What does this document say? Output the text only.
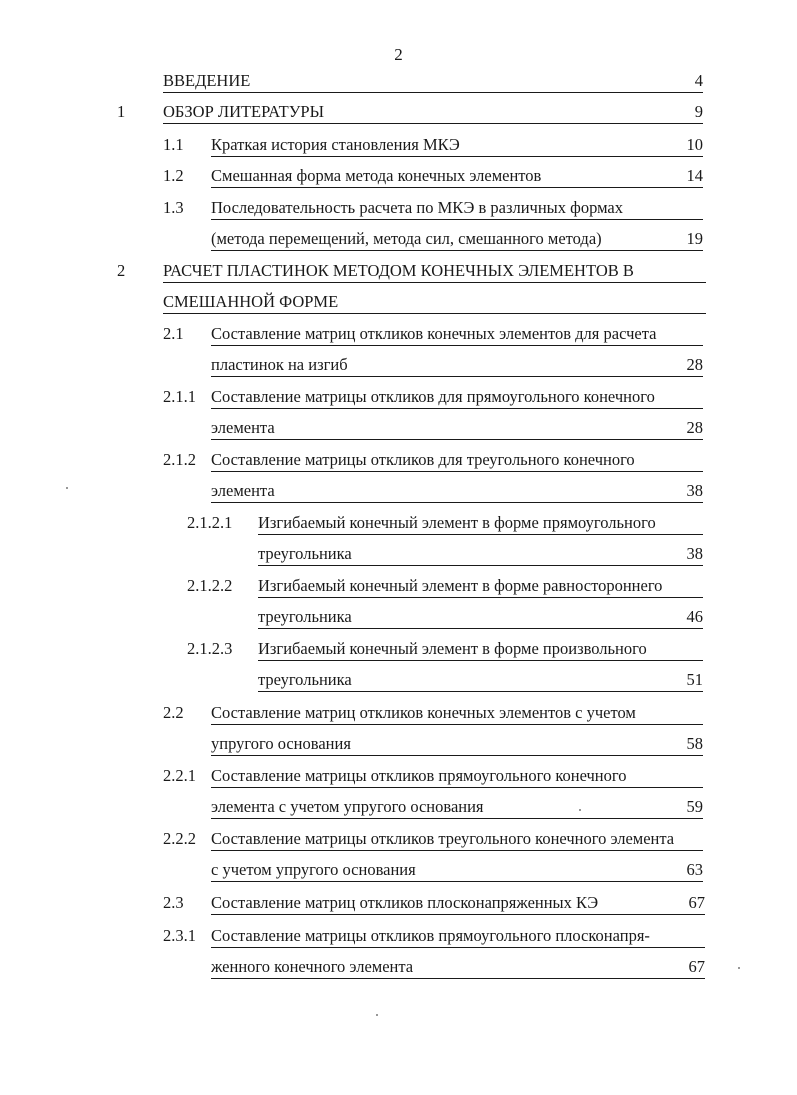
2
ВВЕДЕНИЕ	4
1 ОБЗОР ЛИТЕРАТУРЫ	9
1.1 Краткая история становления МКЭ	10
1.2 Смешанная форма метода конечных элементов	14
1.3 Последовательность расчета по МКЭ в различных формах
(метода перемещений, метода сил, смешанного метода)	19
2 РАСЧЕТ ПЛАСТИНОК МЕТОДОМ КОНЕЧНЫХ ЭЛЕМЕНТОВ В
СМЕШАННОЙ ФОРМЕ
2.1 Составление матриц откликов конечных элементов для расчета
пластинок на изгиб	28
2.1.1 Составление матрицы откликов для прямоугольного конечного
элемента	28
2.1.2 Составление матрицы откликов для треугольного конечного
элемента	38
2.1.2.1 Изгибаемый конечный элемент в форме прямоугольного
треугольника	38
2.1.2.2 Изгибаемый конечный элемент в форме равностороннего
треугольника	46
2.1.2.3 Изгибаемый конечный элемент в форме произвольного
треугольника	51
2.2 Составление матриц откликов конечных элементов с учетом
упругого основания	58
2.2.1 Составление матрицы откликов прямоугольного конечного
элемента с учетом упругого основания	59
2.2.2 Составление матрицы откликов треугольного конечного элемента
с учетом упругого основания	63
2.3 Составление матриц откликов плосконапряженных КЭ	67
2.3.1 Составление матрицы откликов прямоугольного плосконапря-
женного конечного элемента	67
